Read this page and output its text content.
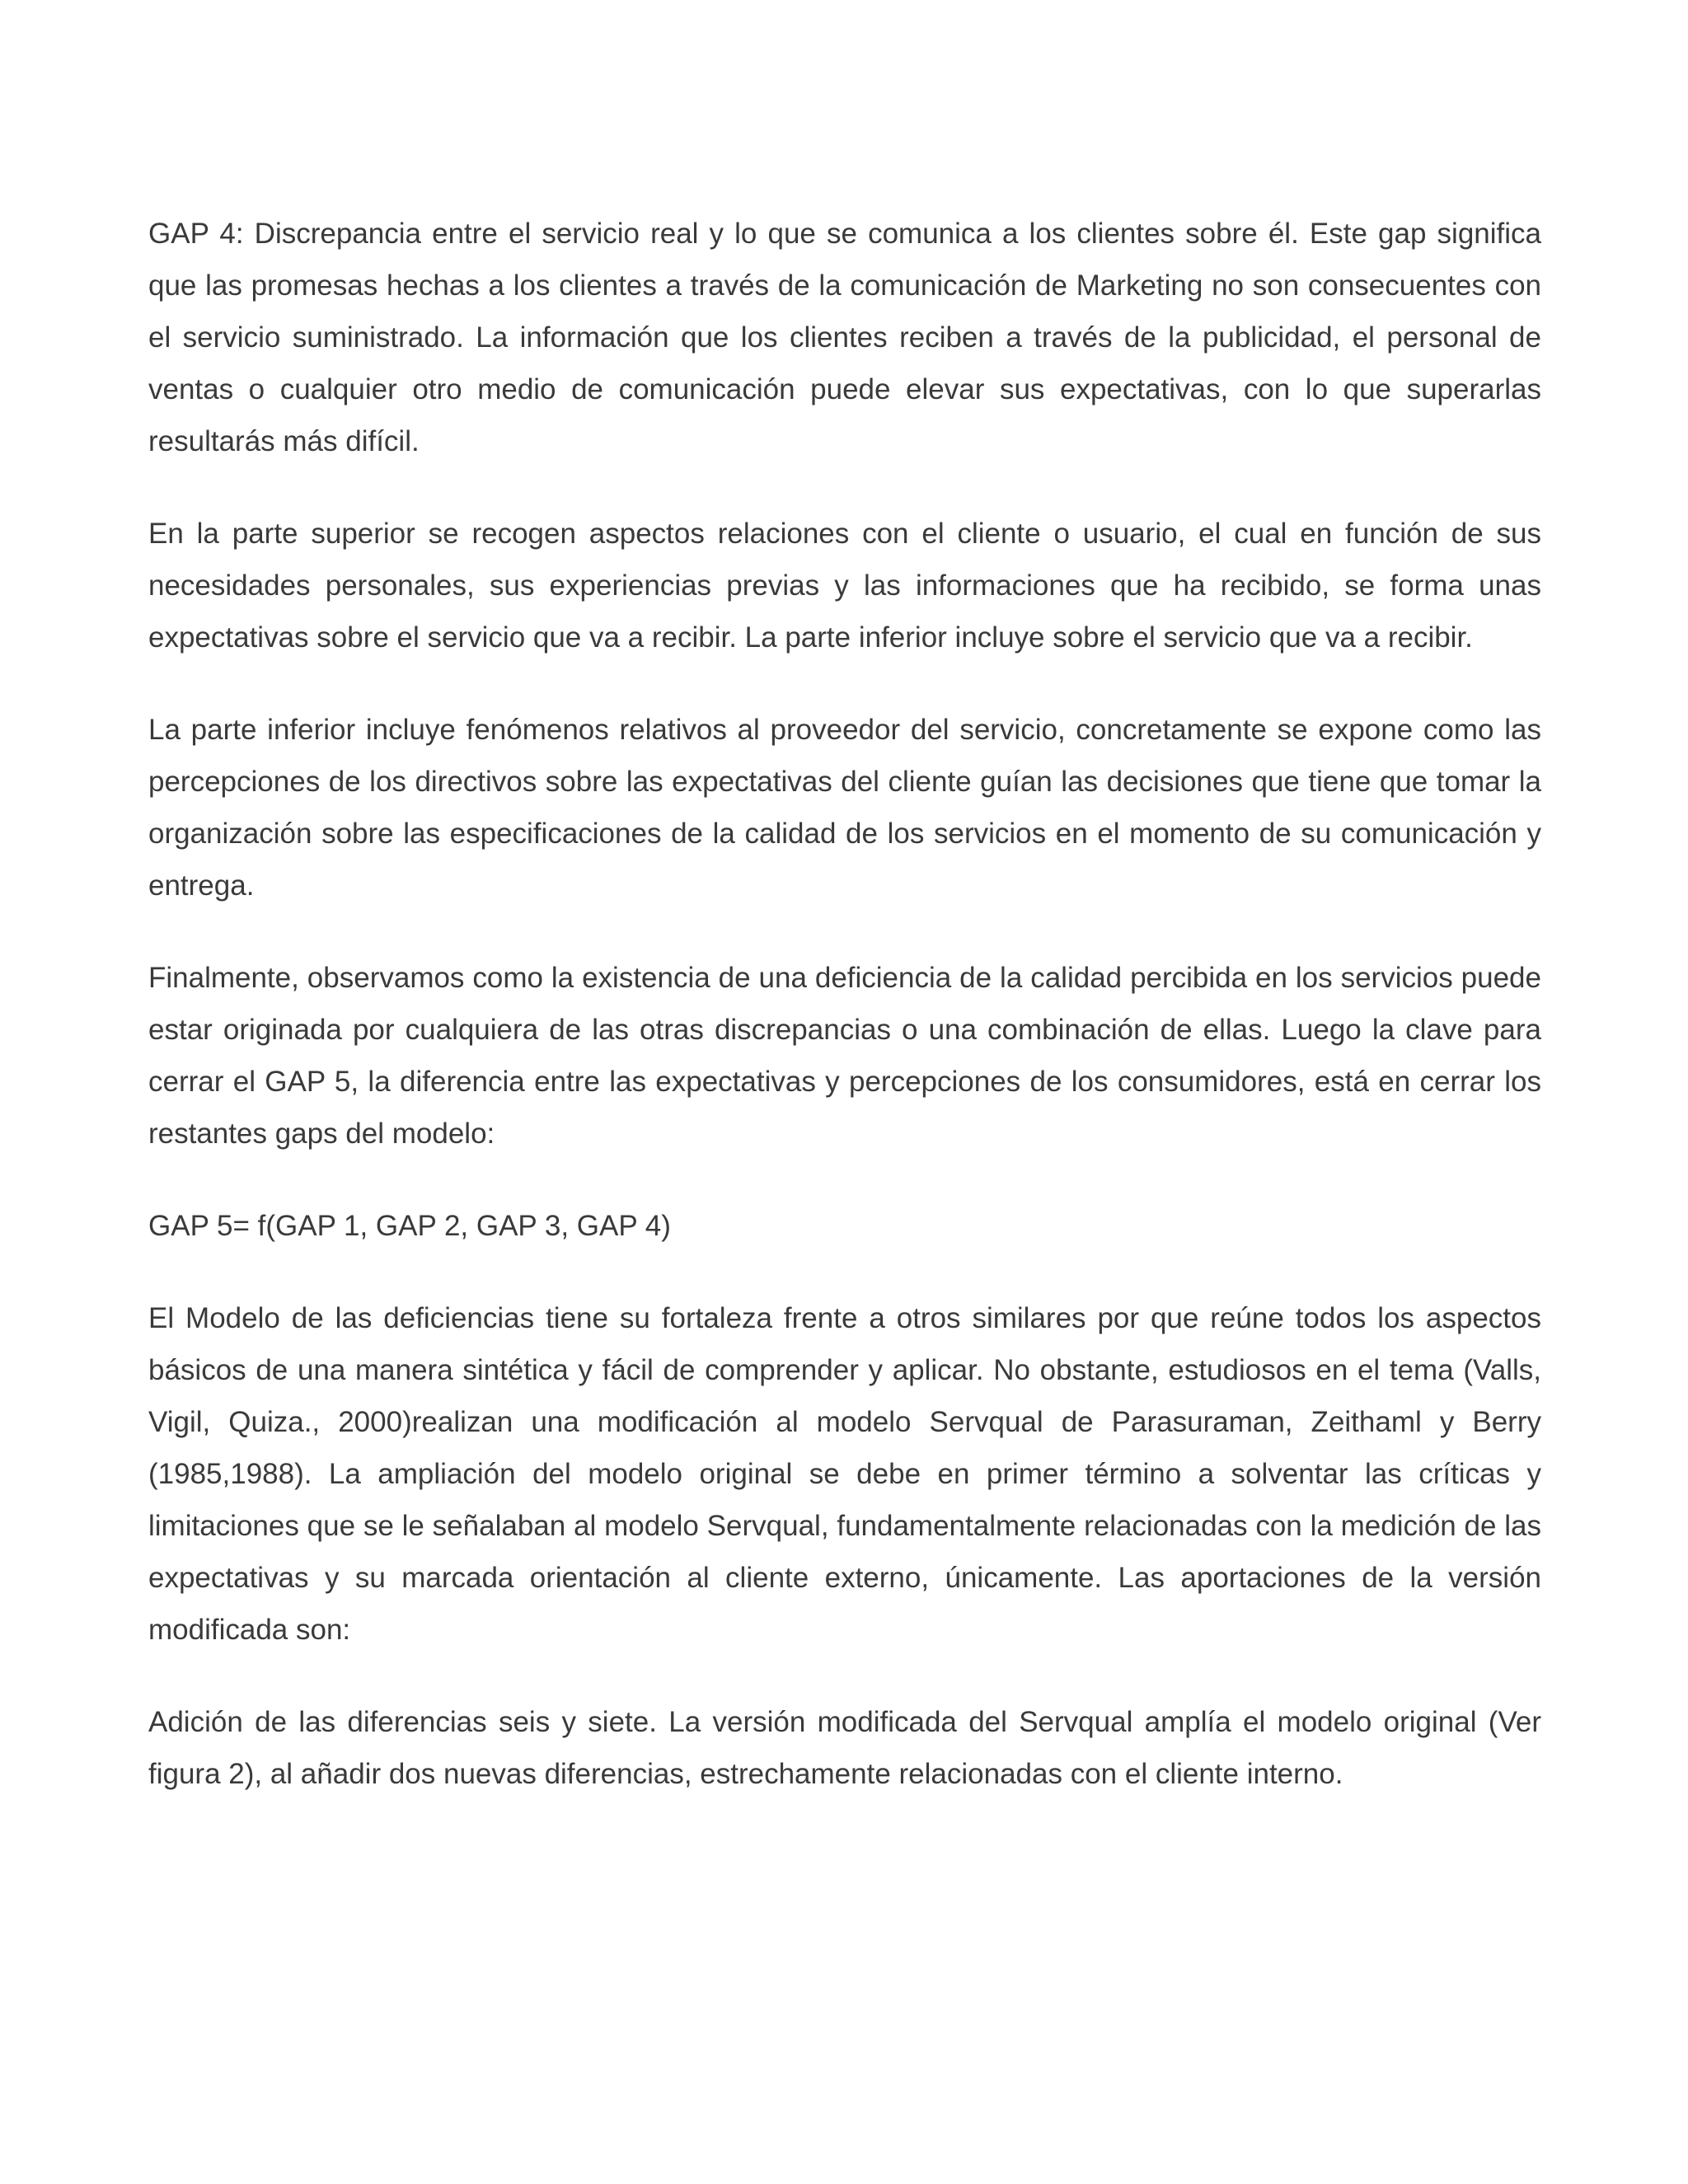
GAP 4: Discrepancia entre el servicio real y lo que se comunica a los clientes sobre él. Este gap significa que las promesas hechas a los clientes a través de la comunicación de Marketing no son consecuentes con el servicio suministrado. La información que los clientes reciben a través de la publicidad, el personal de ventas o cualquier otro medio de comunicación puede elevar sus expectativas, con lo que superarlas resultarás más difícil.

En la parte superior se recogen aspectos relaciones con el cliente o usuario, el cual en función de sus necesidades personales, sus experiencias previas y las informaciones que ha recibido, se forma unas expectativas sobre el servicio que va a recibir. La parte inferior incluye sobre el servicio que va a recibir.

La parte inferior incluye fenómenos relativos al proveedor del servicio, concretamente se expone como las percepciones de los directivos sobre las expectativas del cliente guían las decisiones que tiene que tomar la organización sobre las especificaciones de la calidad de los servicios en el momento de su comunicación y entrega.

Finalmente, observamos como la existencia de una deficiencia de la calidad percibida en los servicios puede estar originada por cualquiera de las otras discrepancias o una combinación de ellas. Luego la clave para cerrar el GAP 5, la diferencia entre las expectativas y percepciones de los consumidores, está en cerrar los restantes gaps del modelo:

GAP 5= f(GAP 1, GAP 2, GAP 3, GAP 4)

El Modelo de las deficiencias tiene su fortaleza frente a otros similares por que reúne todos los aspectos básicos de una manera sintética y fácil de comprender y aplicar. No obstante, estudiosos en el tema (Valls, Vigil, Quiza., 2000)realizan una modificación al modelo Servqual de Parasuraman, Zeithaml y Berry (1985,1988). La ampliación del modelo original se debe en primer término a solventar las críticas y limitaciones que se le señalaban al modelo Servqual, fundamentalmente relacionadas con la medición de las expectativas y su marcada orientación al cliente externo, únicamente. Las aportaciones de la versión modificada son:

Adición de las diferencias seis y siete. La versión modificada del Servqual amplía el modelo original (Ver figura 2), al añadir dos nuevas diferencias, estrechamente relacionadas con el cliente interno.
